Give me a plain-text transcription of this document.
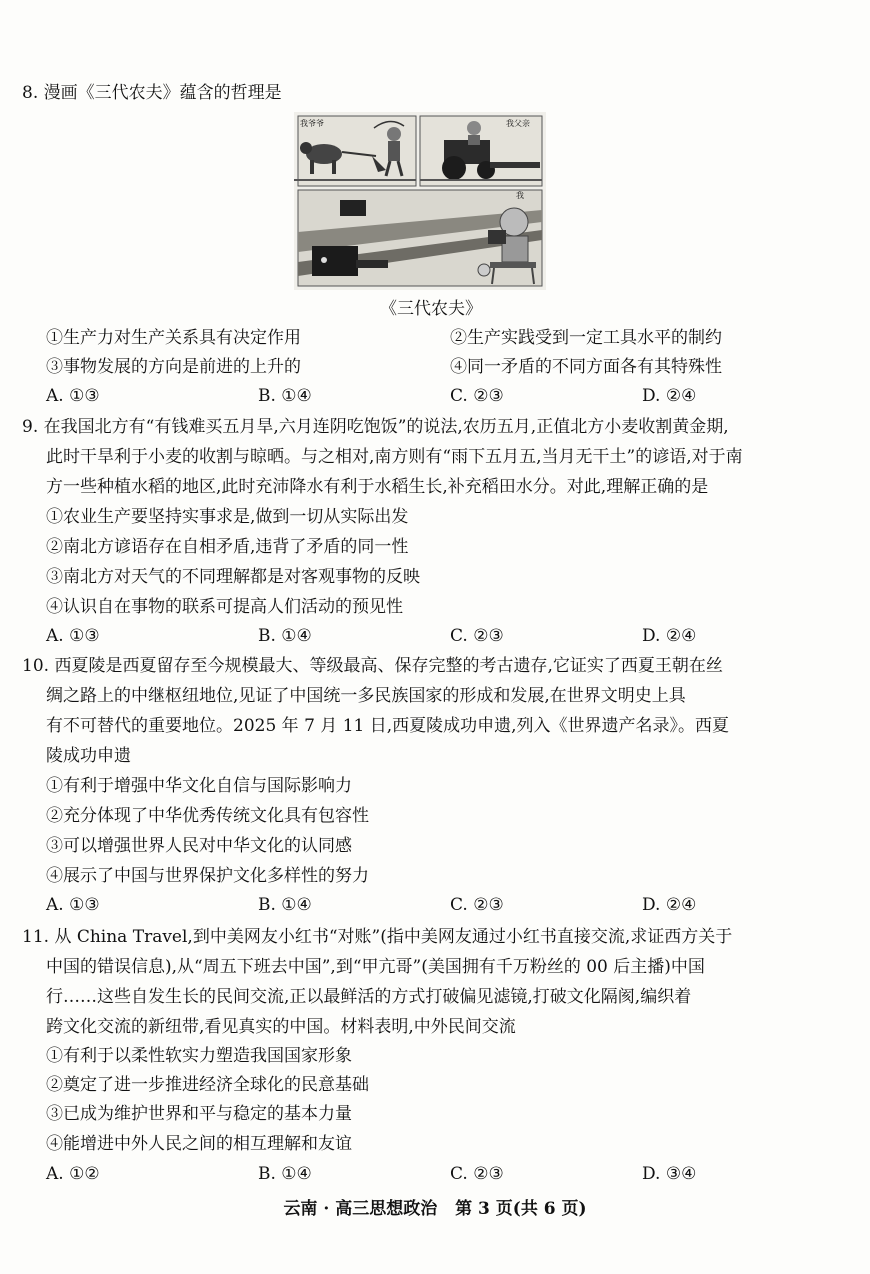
8. 漫画《三代农夫》蕴含的哲理是
我爷爷	我父亲
我
《三代农夫》
①生产力对生产关系具有决定作用	②生产实践受到一定工具水平的制约
③事物发展的方向是前进的上升的	④同一矛盾的不同方面各有其特殊性
A. ①③	B. ①④	C. ②③	D. ②④
9. 在我国北方有“有钱难买五月旱,六月连阴吃饱饭”的说法,农历五月,正值北方小麦收割黄金期,
此时干旱利于小麦的收割与晾晒。与之相对,南方则有“雨下五月五,当月无干土”的谚语,对于南
方一些种植水稻的地区,此时充沛降水有利于水稻生长,补充稻田水分。对此,理解正确的是
①农业生产要坚持实事求是,做到一切从实际出发
②南北方谚语存在自相矛盾,违背了矛盾的同一性
③南北方对天气的不同理解都是对客观事物的反映
④认识自在事物的联系可提高人们活动的预见性
A. ①③	B. ①④	C. ②③	D. ②④
10. 西夏陵是西夏留存至今规模最大、等级最高、保存完整的考古遗存,它证实了西夏王朝在丝
绸之路上的中继枢纽地位,见证了中国统一多民族国家的形成和发展,在世界文明史上具
有不可替代的重要地位。2025 年 7 月 11 日,西夏陵成功申遗,列入《世界遗产名录》。西夏
陵成功申遗
①有利于增强中华文化自信与国际影响力
②充分体现了中华优秀传统文化具有包容性
③可以增强世界人民对中华文化的认同感
④展示了中国与世界保护文化多样性的努力
A. ①③	B. ①④	C. ②③	D. ②④
11. 从 China Travel,到中美网友小红书“对账”(指中美网友通过小红书直接交流,求证西方关于
中国的错误信息),从“周五下班去中国”,到“甲亢哥”(美国拥有千万粉丝的 00 后主播)中国
行……这些自发生长的民间交流,正以最鲜活的方式打破偏见滤镜,打破文化隔阂,编织着
跨文化交流的新纽带,看见真实的中国。材料表明,中外民间交流
①有利于以柔性软实力塑造我国国家形象
②奠定了进一步推进经济全球化的民意基础
③已成为维护世界和平与稳定的基本力量
④能增进中外人民之间的相互理解和友谊
A. ①②	B. ①④	C. ②③	D. ③④
云南 · 高三思想政治 第 3 页(共 6 页)
